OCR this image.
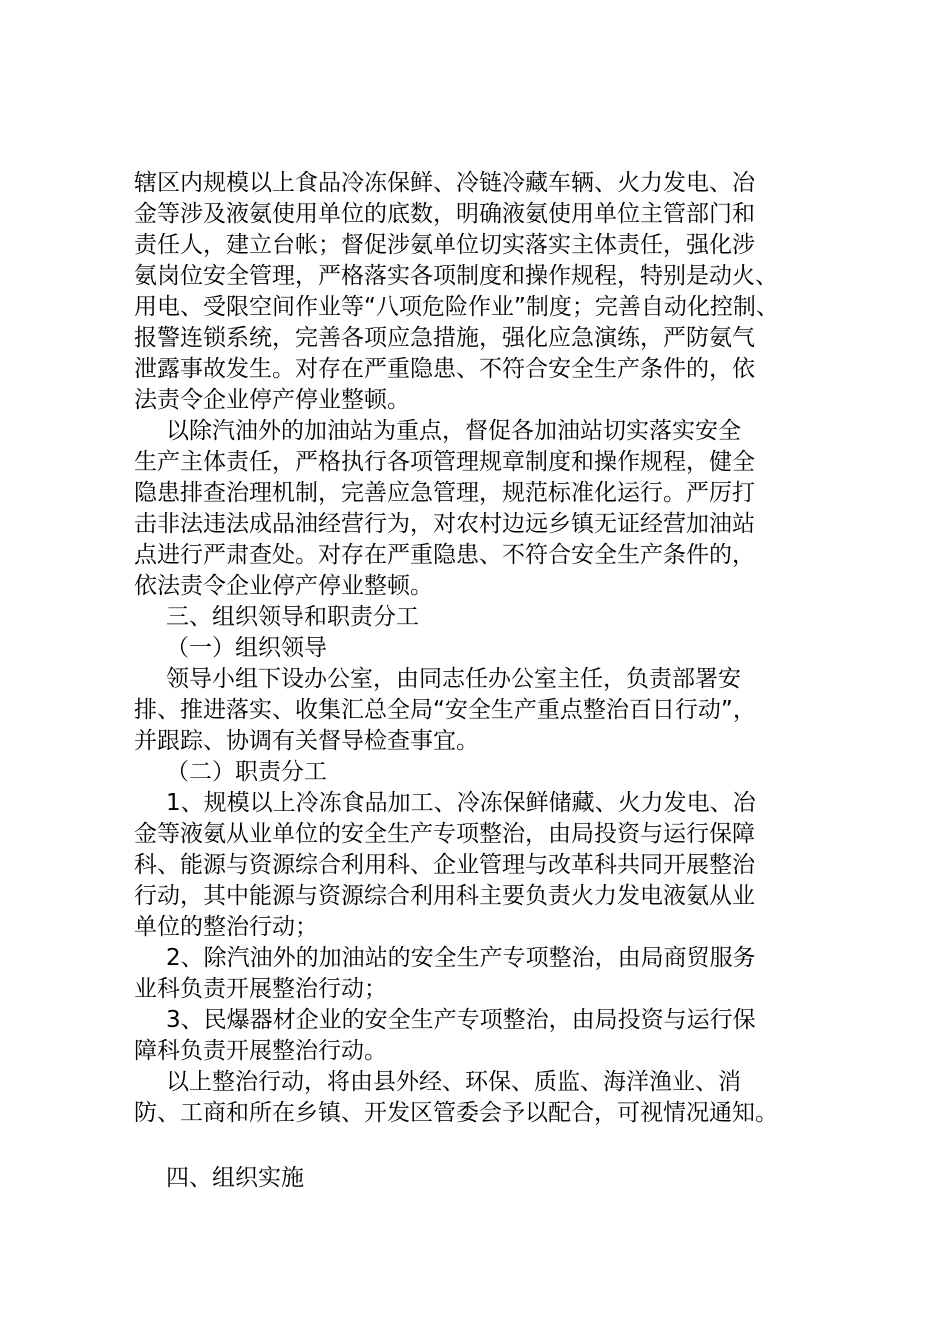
辖区内规模以上食品冷冻保鲜、冷链冷藏车辆、火力发电、冶
金等涉及液氨使用单位的底数，明确液氨使用单位主管部门和
责任人，建立台帐；督促涉氨单位切实落实主体责任，强化涉
氨岗位安全管理，严格落实各项制度和操作规程，特别是动火、
用电、受限空间作业等“八项危险作业”制度；完善自动化控制、
报警连锁系统，完善各项应急措施，强化应急演练，严防氨气
泄露事故发生。对存在严重隐患、不符合安全生产条件的，依
法责令企业停产停业整顿。
以除汽油外的加油站为重点，督促各加油站切实落实安全
生产主体责任，严格执行各项管理规章制度和操作规程，健全
隐患排查治理机制，完善应急管理，规范标准化运行。严厉打
击非法违法成品油经营行为，对农村边远乡镇无证经营加油站
点进行严肃查处。对存在严重隐患、不符合安全生产条件的，
依法责令企业停产停业整顿。
三、组织领导和职责分工
（一）组织领导
领导小组下设办公室，由同志任办公室主任，负责部署安
排、推进落实、收集汇总全局“安全生产重点整治百日行动”，
并跟踪、协调有关督导检查事宜。
（二）职责分工
1、规模以上冷冻食品加工、冷冻保鲜储藏、火力发电、冶
金等液氨从业单位的安全生产专项整治，由局投资与运行保障
科、能源与资源综合利用科、企业管理与改革科共同开展整治
行动，其中能源与资源综合利用科主要负责火力发电液氨从业
单位的整治行动；
2、除汽油外的加油站的安全生产专项整治，由局商贸服务
业科负责开展整治行动；
3、民爆器材企业的安全生产专项整治，由局投资与运行保
障科负责开展整治行动。
以上整治行动，将由县外经、环保、质监、海洋渔业、消
防、工商和所在乡镇、开发区管委会予以配合，可视情况通知。
四、组织实施
